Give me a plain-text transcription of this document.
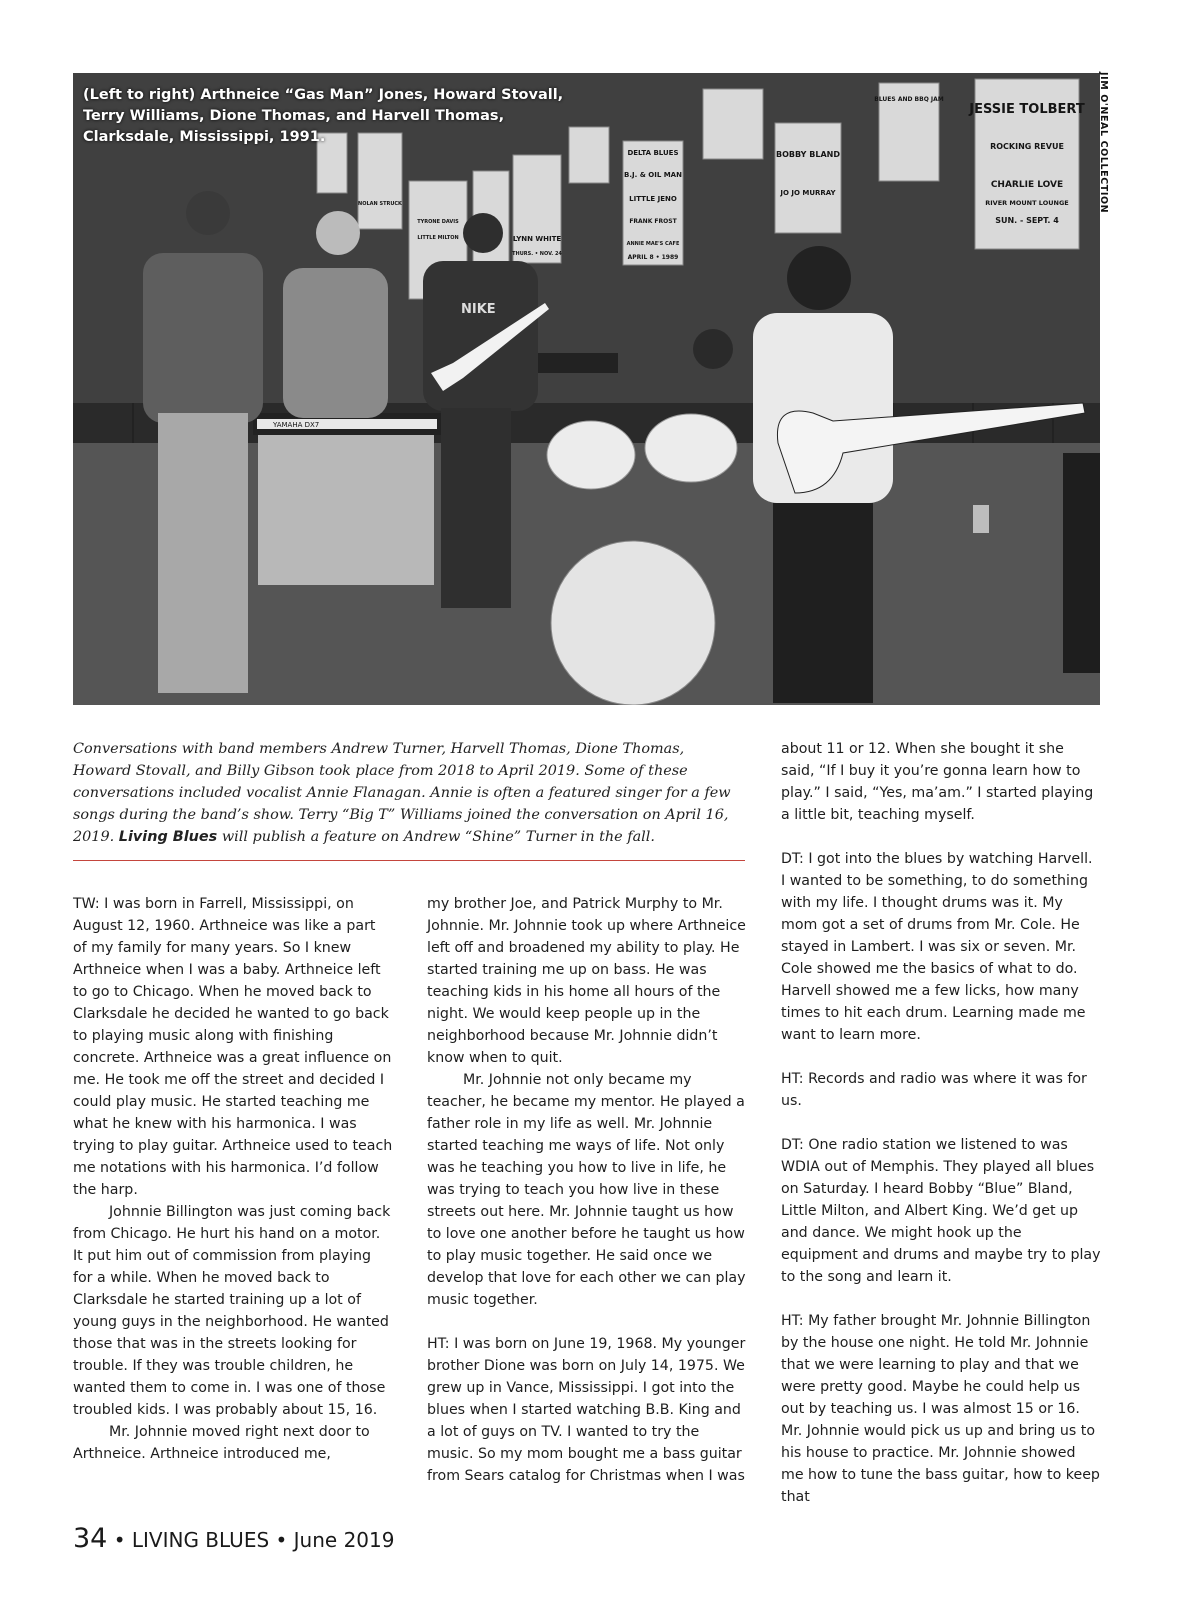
JESSIE TOLBERT
ROCKING REVUE
CHARLIE LOVE
RIVER MOUNT LOUNGE
SUN. - SEPT. 4
BLUES AND BBQ JAM
BOBBY BLAND
JO JO MURRAY
DELTA BLUES
B.J. & OIL MAN
LITTLE JENO
FRANK FROST
ANNIE MAE'S CAFE
APRIL 8 • 1989
LYNN WHITE
THURS. • NOV. 24
NOLAN STRUCK
TYRONE DAVIS
LITTLE MILTON
YAMAHA DX7
NIKE
(Left to right) Arthneice “Gas Man” Jones, Howard Stovall, Terry Williams, Dione Thomas, and Harvell Thomas, Clarksdale, Mississippi, 1991.	JIM O'NEAL COLLECTION
Conversations with band members Andrew Turner, Harvell Thomas, Dione Thomas, Howard Stovall, and Billy Gibson took place from 2018 to April 2019. Some of these conversations included vocalist Annie Flanagan. Annie is often a featured singer for a few songs during the band’s show. Terry “Big T” Williams joined the conversation on April 16, 2019. Living Blues will publish a feature on Andrew “Shine” Turner in the fall.

TW: I was born in Farrell, Mississippi, on August 12, 1960. Arthneice was like a part of my family for many years. So I knew Arthneice when I was a baby. Arthneice left to go to Chicago. When he moved back to Clarksdale he decided he wanted to go back to playing music along with finishing concrete. Arthneice was a great influence on me. He took me off the street and decided I could play music. He started teaching me what he knew with his harmonica. I was trying to play guitar. Arthneice used to teach me notations with his harmonica. I’d follow the harp.

Johnnie Billington was just coming back from Chicago. He hurt his hand on a motor. It put him out of commission from playing for a while. When he moved back to Clarksdale he started training up a lot of young guys in the neighborhood. He wanted those that was in the streets looking for trouble. If they was trouble children, he wanted them to come in. I was one of those troubled kids. I was probably about 15, 16.

Mr. Johnnie moved right next door to Arthneice. Arthneice introduced me,

my brother Joe, and Patrick Murphy to Mr. Johnnie. Mr. Johnnie took up where Arthneice left off and broadened my ability to play. He started training me up on bass. He was teaching kids in his home all hours of the night. We would keep people up in the neighborhood because Mr. Johnnie didn’t know when to quit.

Mr. Johnnie not only became my teacher, he became my mentor. He played a father role in my life as well. Mr. Johnnie started teaching me ways of life. Not only was he teaching you how to live in life, he was trying to teach you how live in these streets out here. Mr. Johnnie taught us how to love one another before he taught us how to play music together. He said once we develop that love for each other we can play music together.

HT: I was born on June 19, 1968. My younger brother Dione was born on July 14, 1975. We grew up in Vance, Mississippi. I got into the blues when I started watching B.B. King and a lot of guys on TV. I wanted to try the music. So my mom bought me a bass guitar from Sears catalog for Christmas when I was

about 11 or 12. When she bought it she said, “If I buy it you’re gonna learn how to play.” I said, “Yes, ma’am.” I started playing a little bit, teaching myself.

DT: I got into the blues by watching Harvell. I wanted to be something, to do something with my life. I thought drums was it. My mom got a set of drums from Mr. Cole. He stayed in Lambert. I was six or seven. Mr. Cole showed me the basics of what to do. Harvell showed me a few licks, how many times to hit each drum. Learning made me want to learn more.

HT: Records and radio was where it was for us.

DT: One radio station we listened to was WDIA out of Memphis. They played all blues on Saturday. I heard Bobby “Blue” Bland, Little Milton, and Albert King. We’d get up and dance. We might hook up the equipment and drums and maybe try to play to the song and learn it.

HT: My father brought Mr. Johnnie Billington by the house one night. He told Mr. Johnnie that we were learning to play and that we were pretty good. Maybe he could help us out by teaching us. I was almost 15 or 16. Mr. Johnnie would pick us up and bring us to his house to practice. Mr. Johnnie showed me how to tune the bass guitar, how to keep that

34 • LIVING BLUES • June 2019
